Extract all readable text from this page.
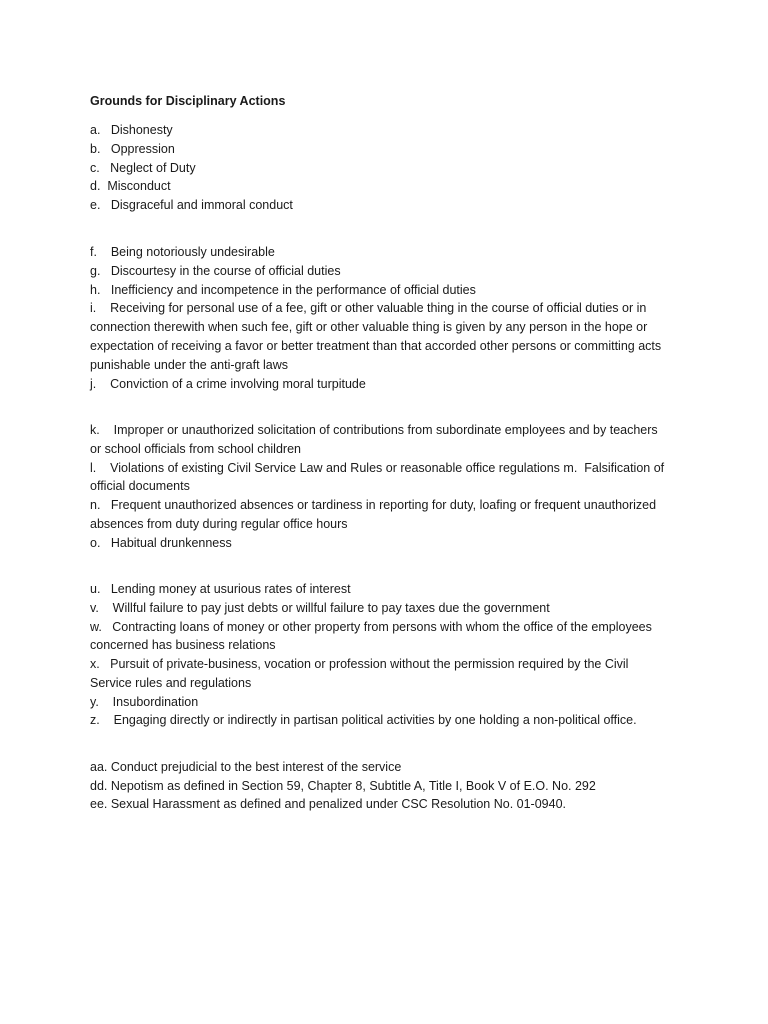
Grounds for Disciplinary Actions
a.   Dishonesty
b.   Oppression
c.   Neglect of Duty
d.  Misconduct
e.   Disgraceful and immoral conduct
f.    Being notoriously undesirable
g.   Discourtesy in the course of official duties
h.   Inefficiency and incompetence in the performance of official duties
i.    Receiving for personal use of a fee, gift or other valuable thing in the course of official duties or in
connection therewith when such fee, gift or other valuable thing is given by any person in the hope or
expectation of receiving a favor or better treatment than that accorded other persons or committing acts
punishable under the anti-graft laws
j.    Conviction of a crime involving moral turpitude
k.    Improper or unauthorized solicitation of contributions from subordinate employees and by teachers
or school officials from school children
l.    Violations of existing Civil Service Law and Rules or reasonable office regulations m.  Falsification of
official documents
n.   Frequent unauthorized absences or tardiness in reporting for duty, loafing or frequent unauthorized
absences from duty during regular office hours
o.   Habitual drunkenness
u.   Lending money at usurious rates of interest
v.    Willful failure to pay just debts or willful failure to pay taxes due the government
w.   Contracting loans of money or other property from persons with whom the office of the employees
concerned has business relations
x.   Pursuit of private-business, vocation or profession without the permission required by the Civil
Service rules and regulations
y.    Insubordination
z.    Engaging directly or indirectly in partisan political activities by one holding a non-political office.
aa. Conduct prejudicial to the best interest of the service
dd. Nepotism as defined in Section 59, Chapter 8, Subtitle A, Title I, Book V of E.O. No. 292
ee. Sexual Harassment as defined and penalized under CSC Resolution No. 01-0940.
